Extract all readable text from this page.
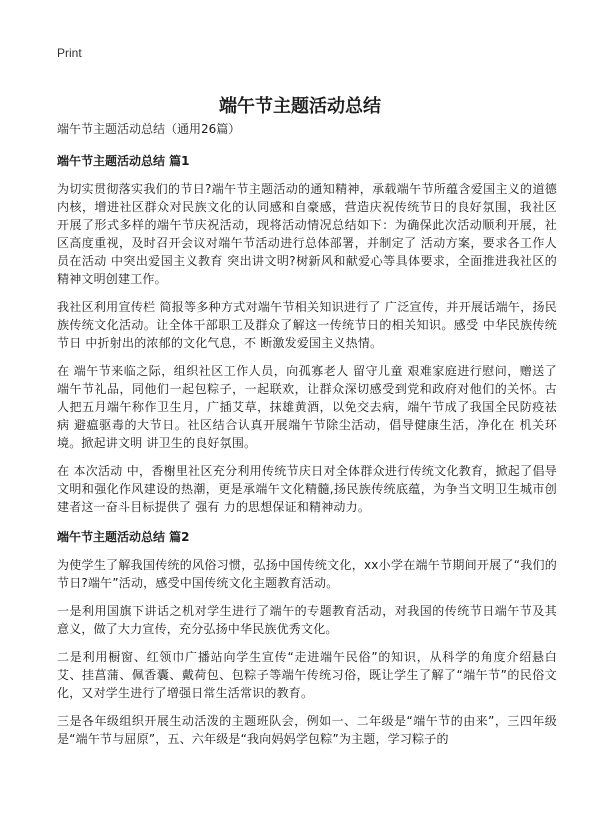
Print
端午节主题活动总结

端午节主题活动总结（通用26篇）

端午节主题活动总结 篇1

为切实贯彻落实我们的节日?端午节主题活动的通知精神，承载端午节所蕴含爱国主义的道德内核，增进社区群众对民族文化的认同感和自豪感，营造庆祝传统节日的良好氛围，我社区开展了形式多样的端午节庆祝活动，现将活动情况总结如下：为确保此次活动顺利开展，社区高度重视，及时召开会议对端午节活动进行总体部署，并制定了 活动方案，要求各工作人员在活动 中突出爱国主义教育 突出讲文明?树新风和献爱心等具体要求，全面推进我社区的精神文明创建工作。

我社区利用宣传栏 简报等多种方式对端午节相关知识进行了 广泛宣传，并开展话端午，扬民族传统文化活动。让全体干部职工及群众了解这一传统节日的相关知识。感受 中华民族传统节日 中折射出的浓郁的文化气息，不 断激发爱国主义热情。

在 端午节来临之际，组织社区工作人员，向孤寡老人 留守儿童 艰难家庭进行慰问，赠送了端午节礼品，同他们一起包粽子，一起联欢，让群众深切感受到党和政府对他们的关怀。古人把五月端午称作卫生月，广插艾草，抹雄黄酒，以免交去病，端午节成了我国全民防疫祛病 避瘟驱毒的大节日。社区结合认真开展端午节除尘活动，倡导健康生活，净化在 机关环境。掀起讲文明 讲卫生的良好氛围。

在 本次活动 中，香榭里社区充分利用传统节庆日对全体群众进行传统文化教育，掀起了倡导文明和强化作风建设的热潮，更是承端午文化精髓,扬民族传统底蕴，为争当文明卫生城市创建者这一奋斗目标提供了 强有 力的思想保证和精神动力。

端午节主题活动总结 篇2

为使学生了解我国传统的风俗习惯，弘扬中国传统文化，xx小学在端午节期间开展了“我们的节日?端午”活动，感受中国传统文化主题教育活动。

一是利用国旗下讲话之机对学生进行了端午的专题教育活动，对我国的传统节日端午节及其意义，做了大力宣传，充分弘扬中华民族优秀文化。

二是利用橱窗、红领巾广播站向学生宣传“走进端午民俗”的知识，从科学的角度介绍悬白艾、挂菖蒲、佩香囊、戴荷包、包粽子等端午传统习俗，既让学生了解了“端午节”的民俗文化，又对学生进行了增强日常生活常识的教育。

三是各年级组织开展生动活泼的主题班队会，例如一、二年级是“端午节的由来”，三四年级是“端午节与屈原”，五、六年级是“我向妈妈学包粽”为主题，学习粽子的
